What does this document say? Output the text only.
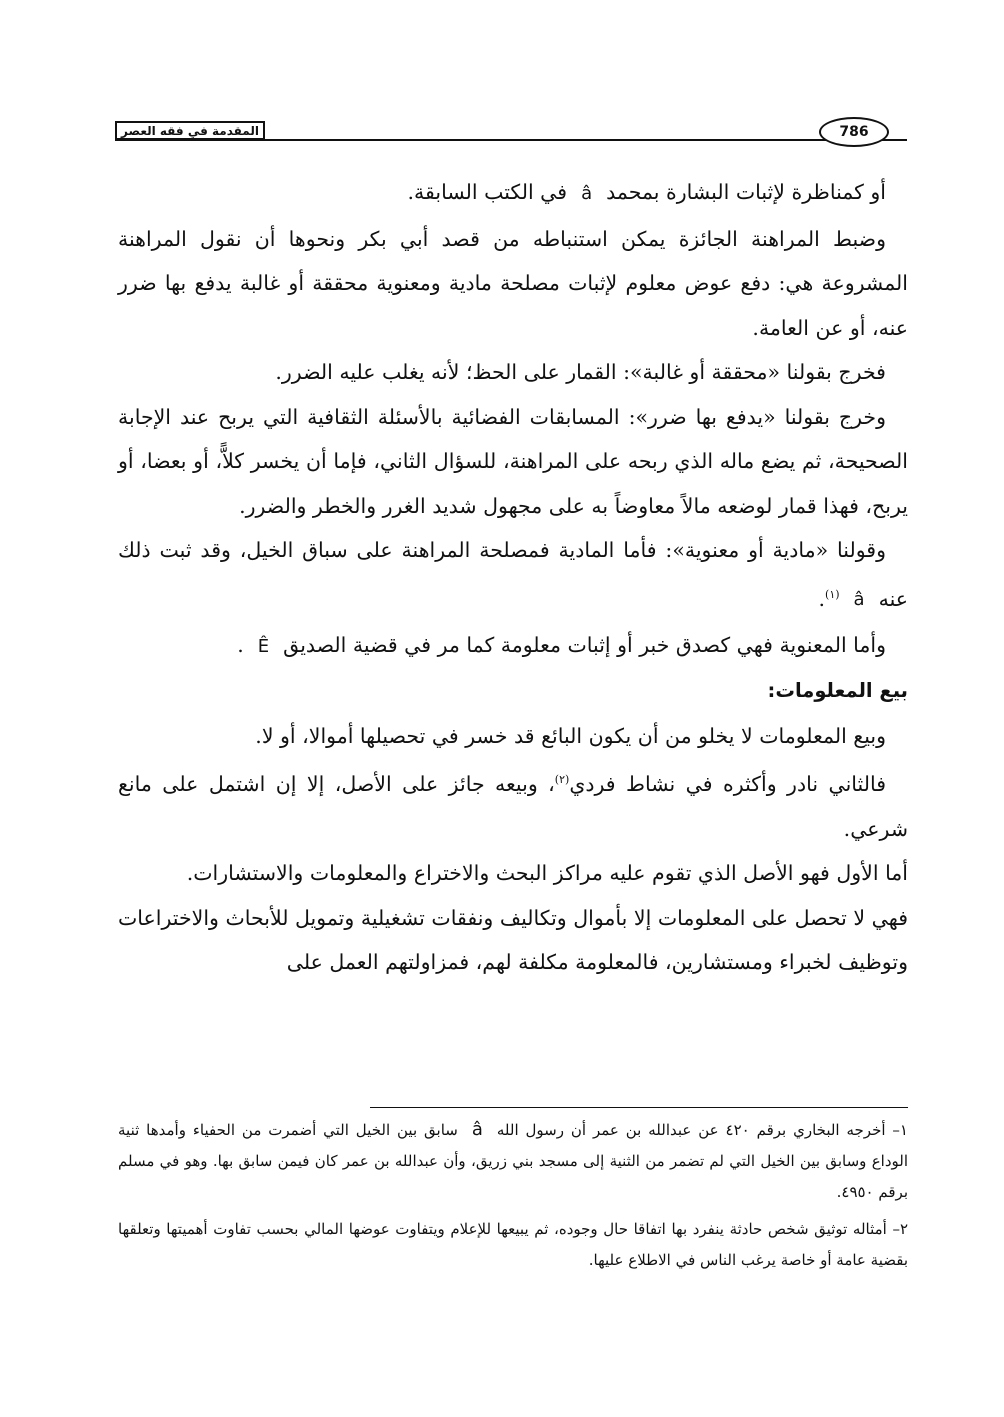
المقدمة في فقه العصر	786

أو كمناظرة لإثبات البشارة بمحمدâفي الكتب السابقة.

وضبط المراهنة الجائزة يمكن استنباطه من قصد أبي بكر ونحوها أن نقول المراهنة المشروعة هي: دفع عوض معلوم لإثبات مصلحة مادية ومعنوية محققة أو غالبة يدفع بها ضرر عنه، أو عن العامة.

فخرج بقولنا «محققة أو غالبة»: القمار على الحظ؛ لأنه يغلب عليه الضرر.

وخرج بقولنا «يدفع بها ضرر»: المسابقات الفضائية بالأسئلة الثقافية التي يربح عند الإجابة الصحيحة، ثم يضع ماله الذي ربحه على المراهنة، للسؤال الثاني، فإما أن يخسر كلاًّ، أو بعضا، أو يربح، فهذا قمار لوضعه مالاً معاوضاً به على مجهول شديد الغرر والخطر والضرر.

وقولنا «مادية أو معنوية»: فأما المادية فمصلحة المراهنة على سباق الخيل، وقد ثبت ذلك عنهâ$^{(١)}$.

وأما المعنوية فهي كصدق خبر أو إثبات معلومة كما مر في قضية الصديقÊ.

بيع المعلومات:

وبيع المعلومات لا يخلو من أن يكون البائع قد خسر في تحصيلها أموالا، أو لا.

فالثاني نادر وأكثره في نشاط فردي$^{(٢)}$، وبيعه جائز على الأصل، إلا إن اشتمل على مانع شرعي.

أما الأول فهو الأصل الذي تقوم عليه مراكز البحث والاختراع والمعلومات والاستشارات.

فهي لا تحصل على المعلومات إلا بأموال وتكاليف ونفقات تشغيلية وتمويل للأبحاث والاختراعات وتوظيف لخبراء ومستشارين، فالمعلومة مكلفة لهم، فمزاولتهم العمل على

١– أخرجه البخاري برقم ٤٢٠ عن عبدالله بن عمر أن رسول اللهâسابق بين الخيل التي أضمرت من الحفياء وأمدها ثنية الوداع وسابق بين الخيل التي لم تضمر من الثنية إلى مسجد بني زريق، وأن عبدالله بن عمر كان فيمن سابق بها. وهو في مسلم برقم ٤٩٥٠.

٢– أمثاله توثيق شخص حادثة ينفرد بها اتفاقا حال وجوده، ثم يبيعها للإعلام ويتفاوت عوضها المالي بحسب تفاوت أهميتها وتعلقها بقضية عامة أو خاصة يرغب الناس في الاطلاع عليها.
